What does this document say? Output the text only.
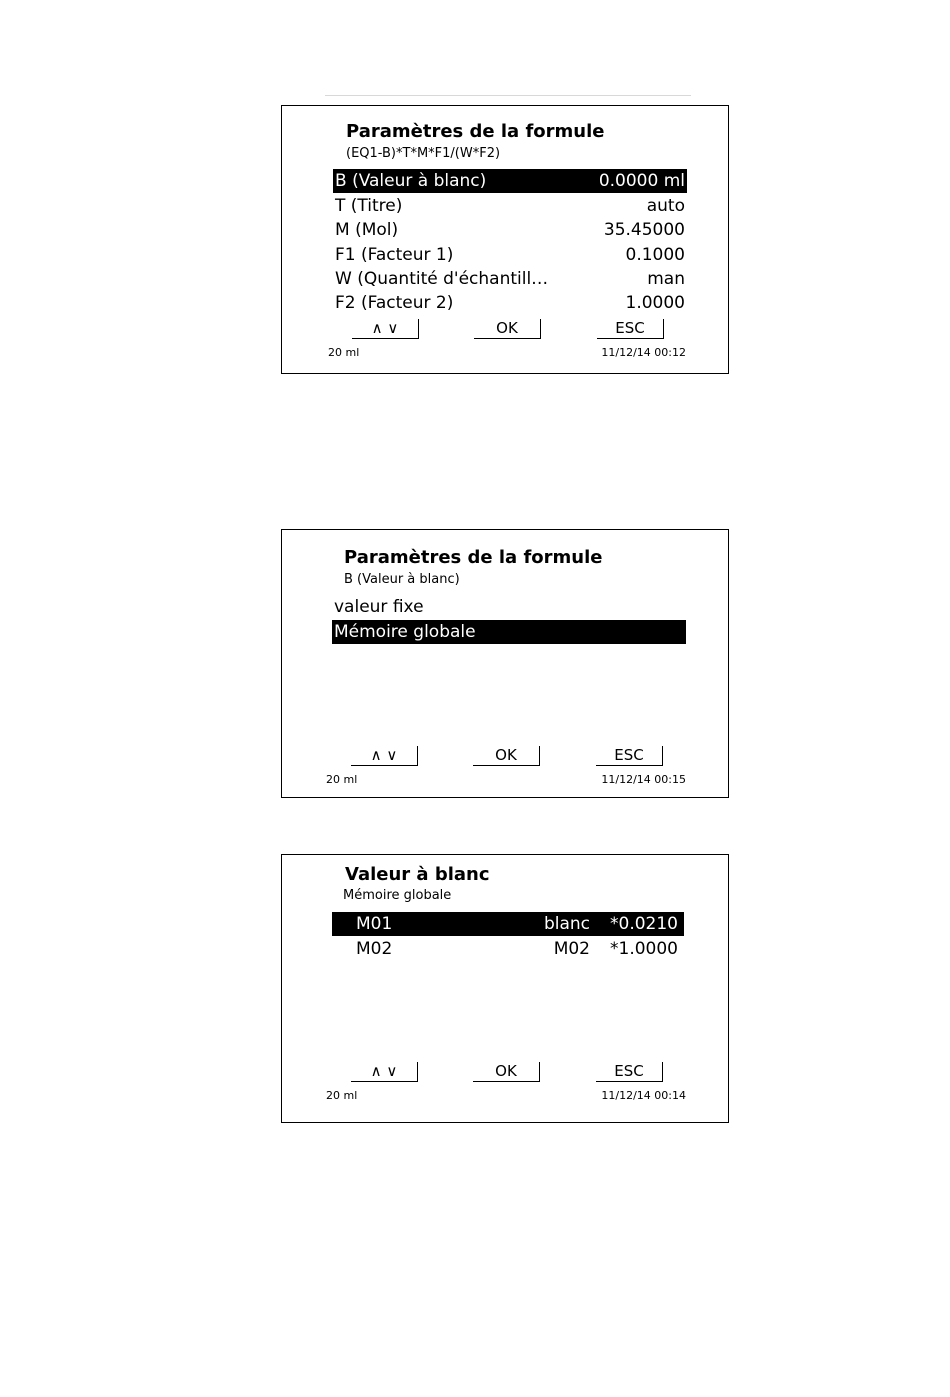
Paramètres de la formule
(EQ1-B)*T*M*F1/(W*F2)
B (Valeur à blanc)	0.0000 ml
T (Titre)	auto
M (Mol)	35.45000
F1 (Facteur 1)	0.1000
W (Quantité d'échantill…	man
F2 (Facteur 2)	1.0000
∧ ∨	OK	ESC
20 ml	11/12/14 00:12
Paramètres de la formule
B (Valeur à blanc)
valeur fixe
Mémoire globale
∧ ∨	OK	ESC
20 ml	11/12/14 00:15
Valeur à blanc
Mémoire globale
M01	blanc *0.0210
M02	M02 *1.0000
∧ ∨	OK	ESC
20 ml	11/12/14 00:14
